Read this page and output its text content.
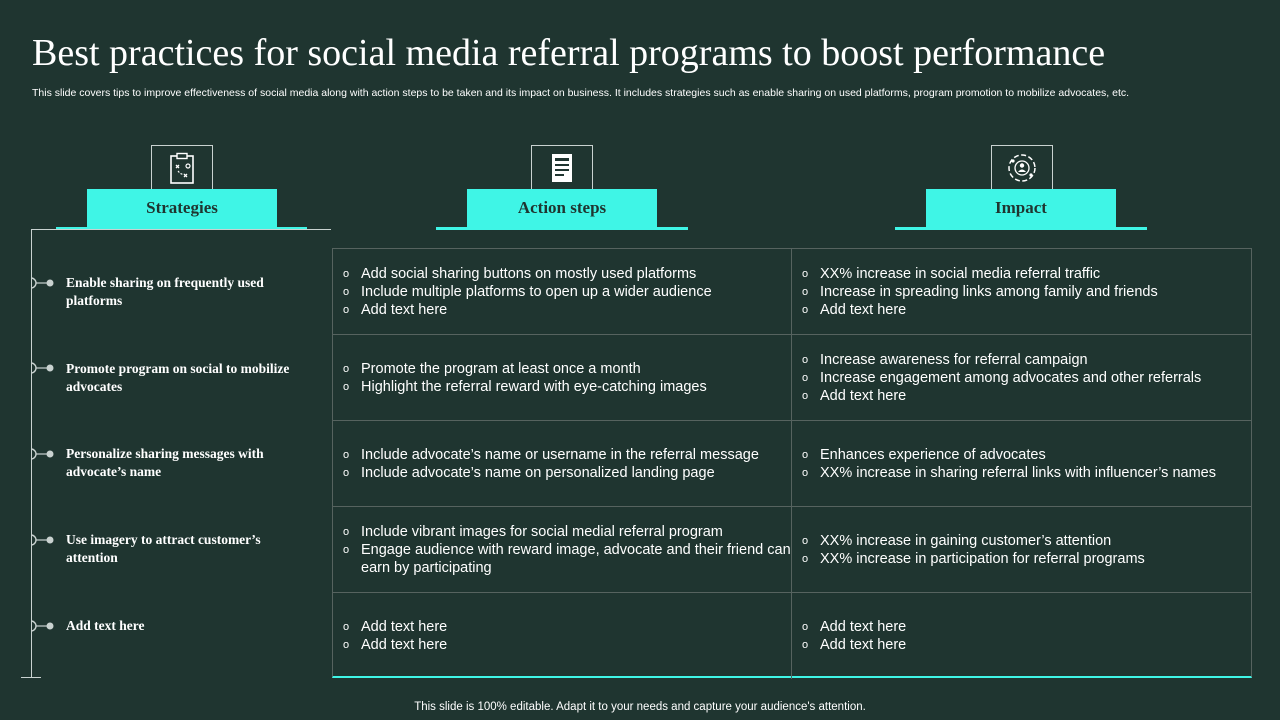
Best practices for social media referral programs to boost performance
This slide covers tips to improve effectiveness of social media along with action steps to be taken and its impact on business. It includes strategies such as enable sharing on used platforms, program promotion to mobilize advocates, etc.
Strategies	Action steps	Impact
Enable sharing on frequently used platforms
Promote program on social to mobilize advocates
Personalize sharing messages with advocate’s name
Use imagery to attract customer’s attention
Add text here
o Add social sharing buttons on mostly used platforms
o Include multiple platforms to open up a wider audience
o Add text here
o XX% increase in social media referral traffic
o Increase in spreading links among family and friends
o Add text here
o Promote the program at least once a month
o Highlight the referral reward with eye-catching images
o Increase awareness for referral campaign
o Increase engagement among advocates and other referrals
o Add text here
o Include advocate’s name or username in the referral message
o Include advocate’s name on personalized landing page
o Enhances experience of advocates
o XX% increase in sharing referral links with influencer’s names
o Include vibrant images for social medial referral program
o Engage audience with reward image, advocate and their friend can earn by participating
o XX% increase in gaining customer’s attention
o XX% increase in participation for referral programs
o Add text here
o Add text here
o Add text here
o Add text here
This slide is 100% editable. Adapt it to your needs and capture your audience's attention.
